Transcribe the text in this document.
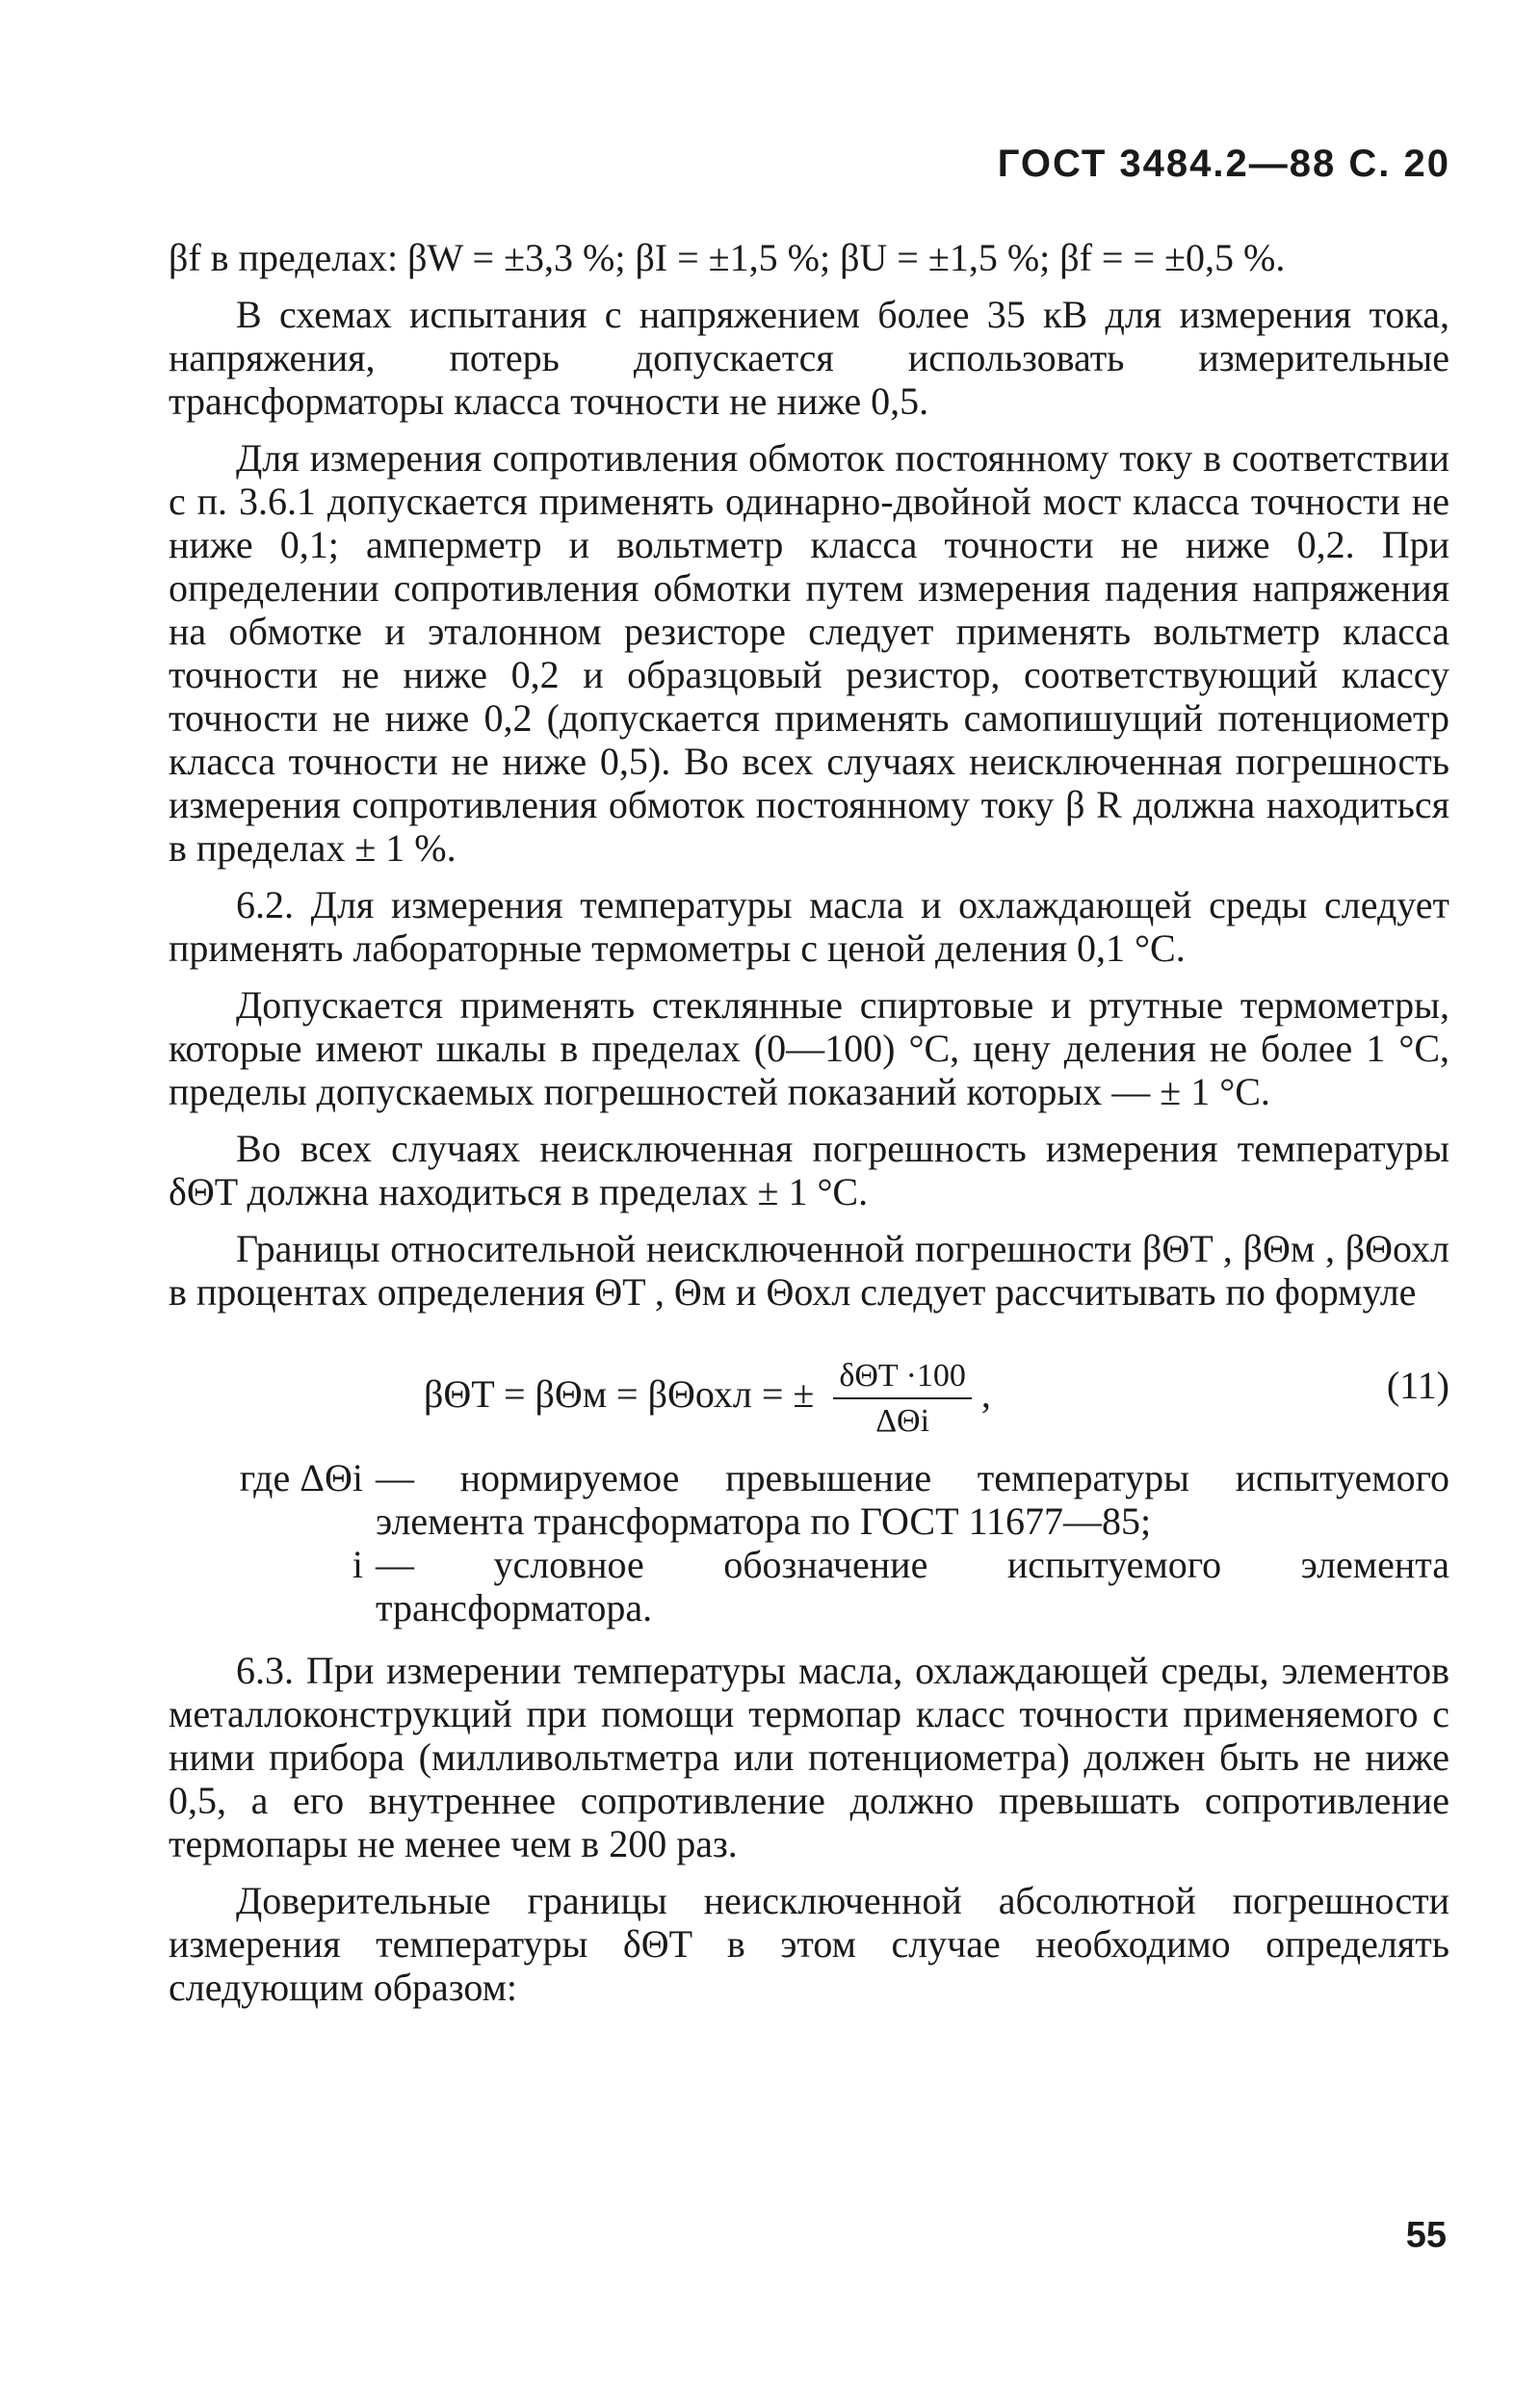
ГОСТ 3484.2—88 С. 20

βf в пределах: βW = ±3,3 %; βI = ±1,5 %; βU = ±1,5 %; βf = = ±0,5 %.

В схемах испытания с напряжением более 35 кВ для измерения тока, напряжения, потерь допускается использовать измерительные трансформаторы класса точности не ниже 0,5.

Для измерения сопротивления обмоток постоянному току в соответствии с п. 3.6.1 допускается применять одинарно-двойной мост класса точности не ниже 0,1; амперметр и вольтметр класса точности не ниже 0,2. При определении сопротивления обмотки путем измерения падения напряжения на обмотке и эталонном резисторе следует применять вольтметр класса точности не ниже 0,2 и образцовый резистор, соответствующий классу точности не ниже 0,2 (допускается применять самопишущий потенциометр класса точности не ниже 0,5). Во всех случаях неисключенная погрешность измерения сопротивления обмоток постоянному току β R должна находиться в пределах ± 1 %.

6.2. Для измерения температуры масла и охлаждающей среды следует применять лабораторные термометры с ценой деления 0,1 °С.

Допускается применять стеклянные спиртовые и ртутные термометры, которые имеют шкалы в пределах (0—100) °С, цену деления не более 1 °С, пределы допускаемых погрешностей показаний которых — ± 1 °С.

Во всех случаях неисключенная погрешность измерения температуры δΘT должна находиться в пределах ± 1 °С.

Границы относительной неисключенной погрешности βΘT , βΘм , βΘохл в процентах определения ΘT , Θм и Θохл следует рассчитывать по формуле

βΘT = βΘм = βΘохл = ± $\frac{\text{δΘT ·100}}{\text{ΔΘi}}$ ,	(11)
где ΔΘi — нормируемое превышение температуры испытуемого элемента трансформатора по ГОСТ 11677—85;
i — условное обозначение испытуемого элемента трансформатора.

6.3. При измерении температуры масла, охлаждающей среды, элементов металлоконструкций при помощи термопар класс точности применяемого с ними прибора (милливольтметра или потенциометра) должен быть не ниже 0,5, а его внутреннее сопротивление должно превышать сопротивление термопары не менее чем в 200 раз.

Доверительные границы неисключенной абсолютной погрешности измерения температуры δΘT в этом случае необходимо определять следующим образом:

55
